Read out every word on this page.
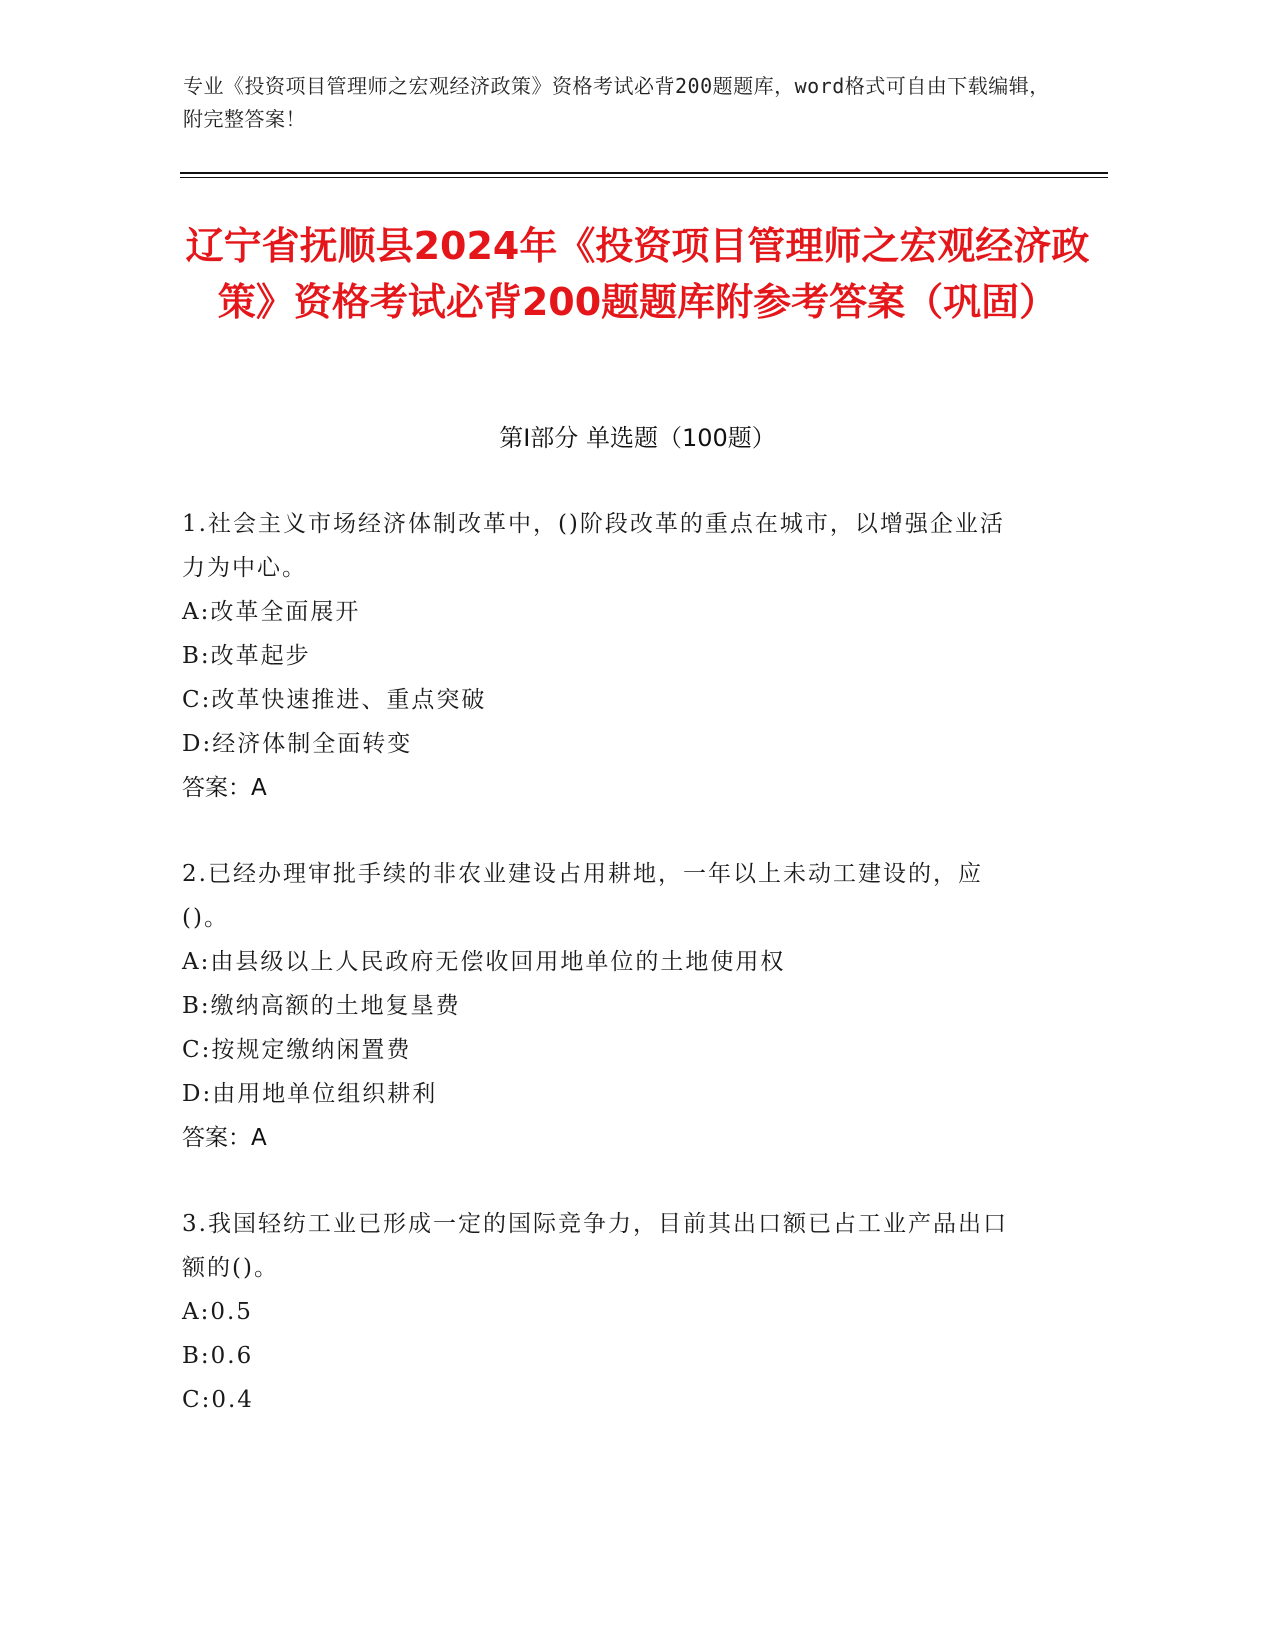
专业《投资项目管理师之宏观经济政策》资格考试必背200题题库，word格式可自由下载编辑，附完整答案！
辽宁省抚顺县2024年《投资项目管理师之宏观经济政策》资格考试必背200题题库附参考答案（巩固）
第I部分 单选题（100题）
1.社会主义市场经济体制改革中，()阶段改革的重点在城市，以增强企业活力为中心。
A:改革全面展开
B:改革起步
C:改革快速推进、重点突破
D:经济体制全面转变
答案：A
2.已经办理审批手续的非农业建设占用耕地，一年以上未动工建设的，应()。
A:由县级以上人民政府无偿收回用地单位的土地使用权
B:缴纳高额的土地复垦费
C:按规定缴纳闲置费
D:由用地单位组织耕利
答案：A
3.我国轻纺工业已形成一定的国际竞争力，目前其出口额已占工业产品出口额的()。
A:0.5
B:0.6
C:0.4
